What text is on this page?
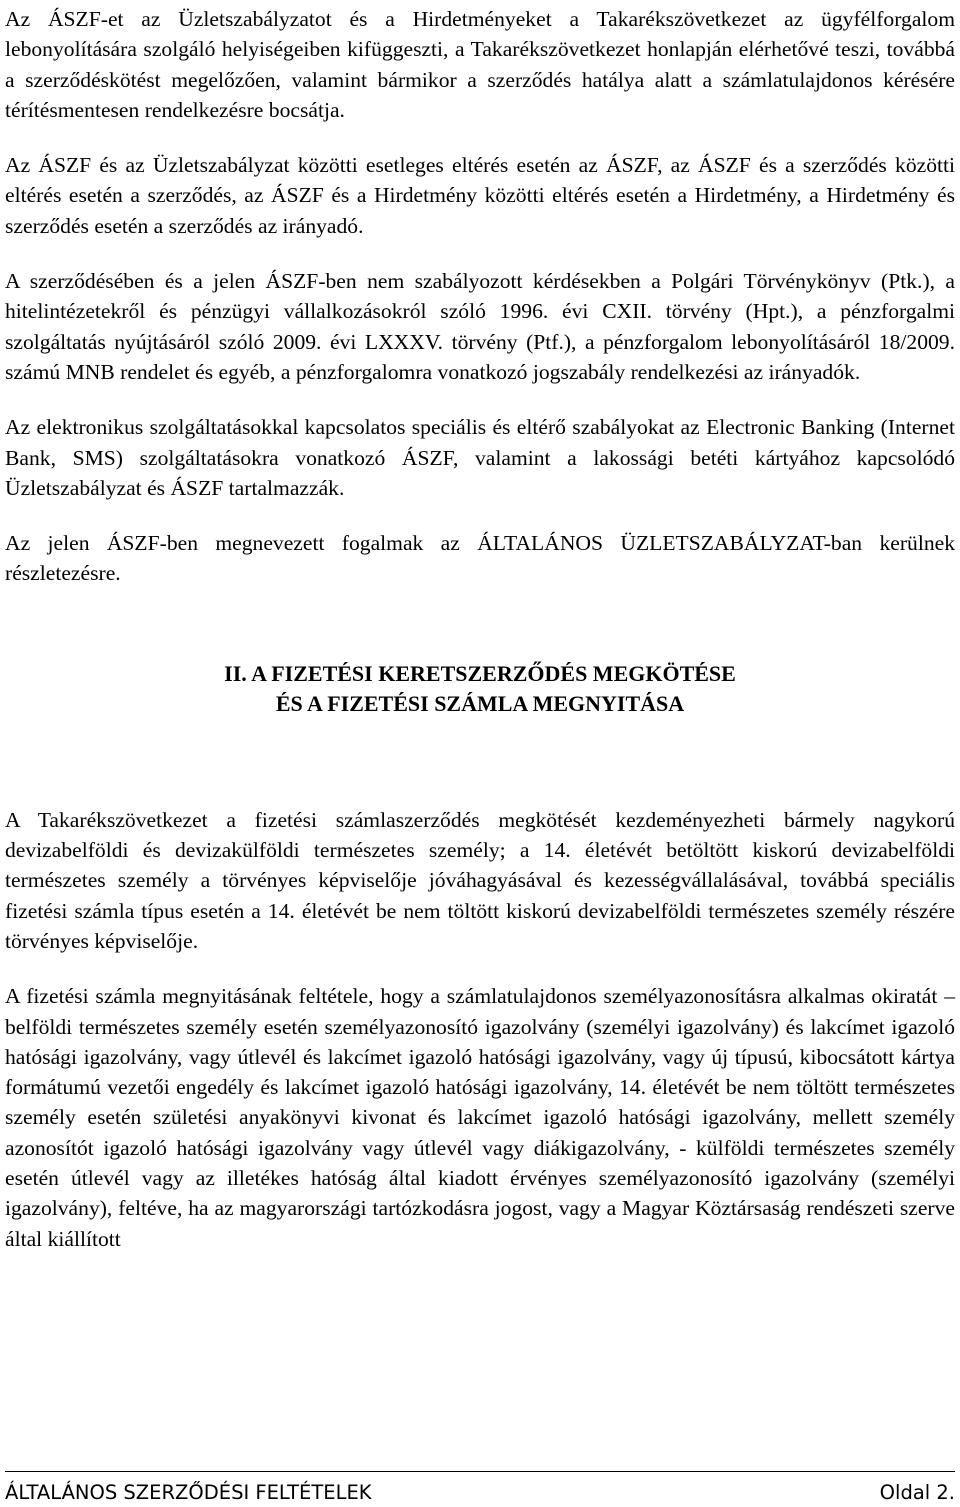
Az ÁSZF-et az Üzletszabályzatot és a Hirdetményeket a Takarékszövetkezet az ügyfélforgalom lebonyolítására szolgáló helyiségeiben kifüggeszti, a Takarékszövetkezet honlapján elérhetővé teszi, továbbá a szerződéskötést megelőzően, valamint bármikor a szerződés hatálya alatt a számlatulajdonos kérésére térítésmentesen rendelkezésre bocsátja.

Az ÁSZF és az Üzletszabályzat közötti esetleges eltérés esetén az ÁSZF, az ÁSZF és a szerződés közötti eltérés esetén a szerződés, az ÁSZF és a Hirdetmény közötti eltérés esetén a Hirdetmény, a Hirdetmény és szerződés esetén a szerződés az irányadó.

A szerződésében és a jelen ÁSZF-ben nem szabályozott kérdésekben a Polgári Törvénykönyv (Ptk.), a hitelintézetekről és pénzügyi vállalkozásokról szóló 1996. évi CXII. törvény (Hpt.), a pénzforgalmi szolgáltatás nyújtásáról szóló 2009. évi LXXXV. törvény (Ptf.), a pénzforgalom lebonyolításáról 18/2009. számú MNB rendelet és egyéb, a pénzforgalomra vonatkozó jogszabály rendelkezési az irányadók.

Az elektronikus szolgáltatásokkal kapcsolatos speciális és eltérő szabályokat az Electronic Banking (Internet Bank, SMS) szolgáltatásokra vonatkozó ÁSZF, valamint a lakossági betéti kártyához kapcsolódó Üzletszabályzat és ÁSZF tartalmazzák.

Az jelen ÁSZF-ben megnevezett fogalmak az ÁLTALÁNOS ÜZLETSZABÁLYZAT-ban kerülnek részletezésre.

II. A FIZETÉSI KERETSZERZŐDÉS MEGKÖTÉSE
ÉS A FIZETÉSI SZÁMLA MEGNYITÁSA

A Takarékszövetkezet a fizetési számlaszerződés megkötését kezdeményezheti bármely nagykorú devizabelföldi és devizakülföldi természetes személy; a 14. életévét betöltött kiskorú devizabelföldi természetes személy a törvényes képviselője jóváhagyásával és kezességvállalásával, továbbá speciális fizetési számla típus esetén a 14. életévét be nem töltött kiskorú devizabelföldi természetes személy részére törvényes képviselője.

A fizetési számla megnyitásának feltétele, hogy a számlatulajdonos személyazonosításra alkalmas okiratát – belföldi természetes személy esetén személyazonosító igazolvány (személyi igazolvány) és lakcímet igazoló hatósági igazolvány, vagy útlevél és lakcímet igazoló hatósági igazolvány, vagy új típusú, kibocsátott kártya formátumú vezetői engedély és lakcímet igazoló hatósági igazolvány, 14. életévét be nem töltött természetes személy esetén születési anyakönyvi kivonat és lakcímet igazoló hatósági igazolvány, mellett személy azonosítót igazoló hatósági igazolvány vagy útlevél vagy diákigazolvány, - külföldi természetes személy esetén útlevél vagy az illetékes hatóság által kiadott érvényes személyazonosító igazolvány (személyi igazolvány), feltéve, ha az magyarországi tartózkodásra jogost, vagy a Magyar Köztársaság rendészeti szerve által kiállított

ÁLTALÁNOS SZERZŐDÉSI FELTÉTELEK	Oldal 2.
